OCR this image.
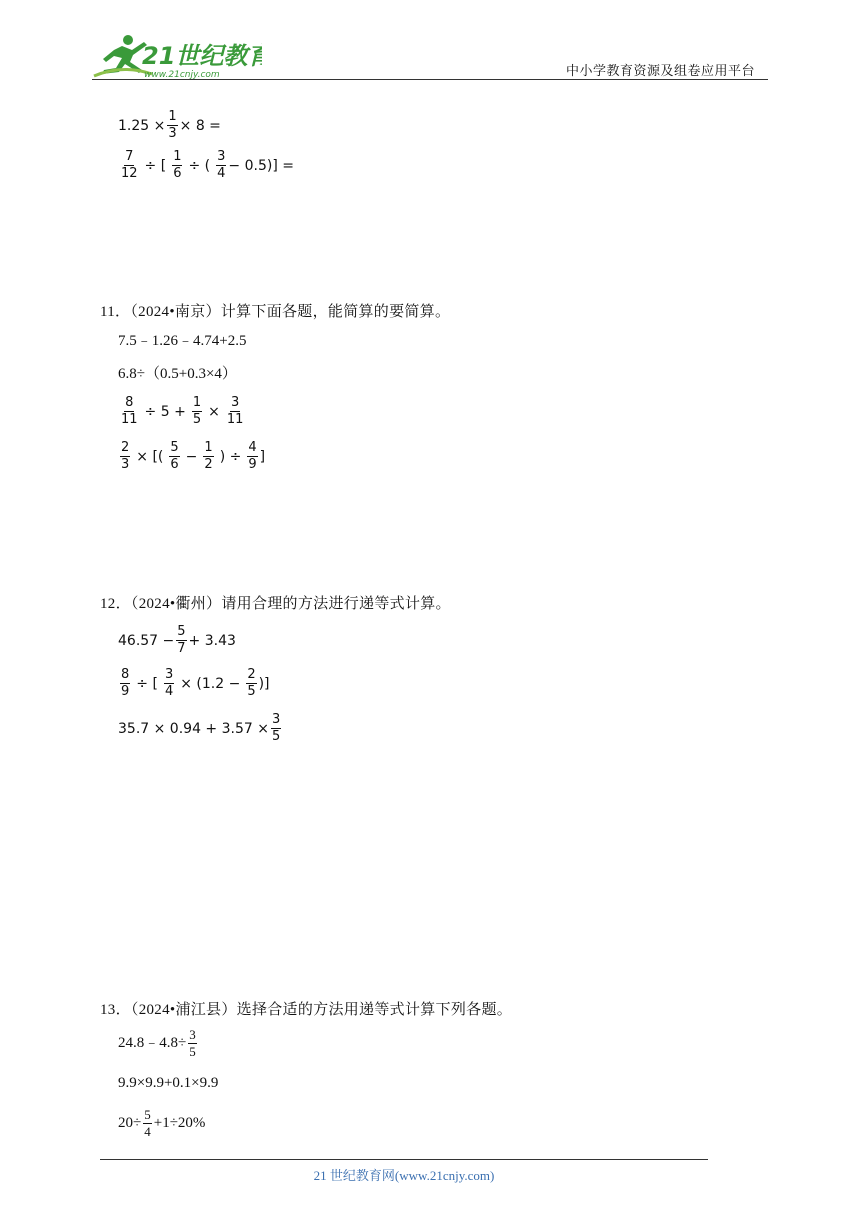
21世纪教育
www.21cnjy.com	中小学教育资源及组卷应用平台
$1.25 \times \frac{1}{3} \times 8$ =
$\frac{7}{12}$ ÷ [ $\frac{1}{6}$ ÷ ( $\frac{3}{4} - 0.5$)] =
11．（2024•南京）计算下面各题，能简算的要简算。
7.5﹣1.26﹣4.74+2.5
6.8÷（0.5+0.3×4）
$\frac{8}{11} \div 5 + \frac{1}{5} \times \frac{3}{11}$
$\frac{2}{3}$ × [( $\frac{5}{6} - \frac{1}{2}$ ) ÷ $\frac{4}{9}$ ]
12．（2024•衢州）请用合理的方法进行递等式计算。
$46.57 - \frac{5}{7} + 3.43$
$\frac{8}{9}$ ÷ [ $\frac{3}{4} \times (1.2 - \frac{2}{5}$ )]
$35.7 \times 0.94 + 3.57 \times \frac{3}{5}$
13．（2024•浦江县）选择合适的方法用递等式计算下列各题。
24.8﹣4.8÷ $\frac{3}{5}$
9.9×9.9+0.1×9.9
$20\div \frac{5}{4} +1\div 20\%$
21 世纪教育网(www.21cnjy.com)
